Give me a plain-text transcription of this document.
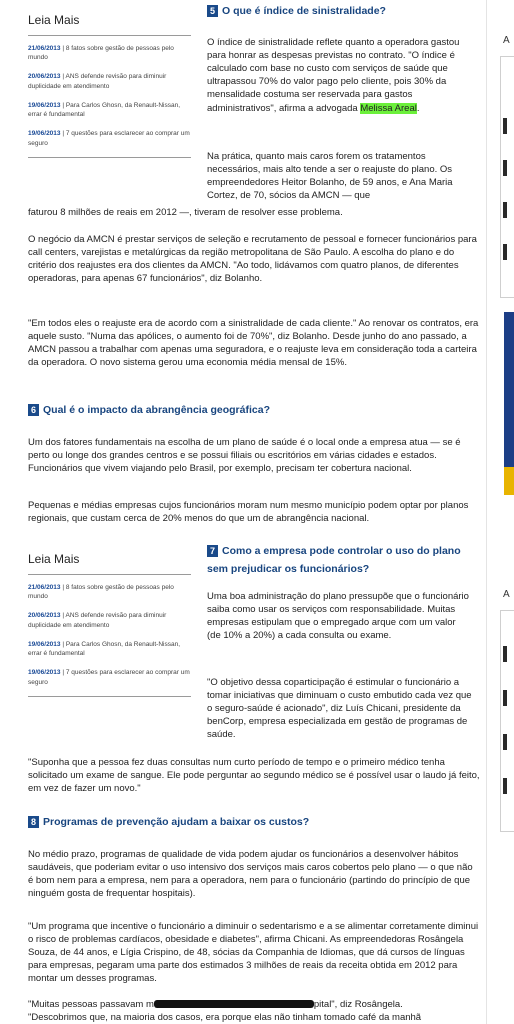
A
A
Leia Mais
21/06/2013 | 8 fatos sobre gestão de pessoas pelo mundo
20/06/2013 | ANS defende revisão para diminuir duplicidade em atendimento
19/06/2013 | Para Carlos Ghosn, da Renault-Nissan, errar é fundamental
19/06/2013 | 7 questões para esclarecer ao comprar um seguro
5 O que é índice de sinistralidade?

O índice de sinistralidade reflete quanto a operadora gastou para honrar as despesas previstas no contrato. "O índice é calculado com base no custo com serviços de saúde que ultrapassou 70% do valor pago pelo cliente, pois 30% da mensalidade costuma ser reservada para gastos administrativos", afirma a advogada Melissa Areal.

Na prática, quanto mais caros forem os tratamentos necessários, mais alto tende a ser o reajuste do plano. Os empreendedores Heitor Bolanho, de 59 anos, e Ana Maria Cortez, de 70, sócios da AMCN — que

faturou 8 milhões de reais em 2012 —, tiveram de resolver esse problema.

O negócio da AMCN é prestar serviços de seleção e recrutamento de pessoal e fornecer funcionários para call centers, varejistas e metalúrgicas da região metropolitana de São Paulo. A escolha do plano e do critério dos reajustes era dos clientes da AMCN. "Ao todo, lidávamos com quatro planos, de diferentes operadoras, para apenas 67 funcionários", diz Bolanho.

"Em todos eles o reajuste era de acordo com a sinistralidade de cada cliente." Ao renovar os contratos, era aquele susto. "Numa das apólices, o aumento foi de 70%", diz Bolanho. Desde junho do ano passado, a AMCN passou a trabalhar com apenas uma seguradora, e o reajuste leva em consideração toda a carteira da operadora. O novo sistema gerou uma economia média mensal de 15%.

6 Qual é o impacto da abrangência geográfica?

Um dos fatores fundamentais na escolha de um plano de saúde é o local onde a empresa atua — se é perto ou longe dos grandes centros e se possui filiais ou escritórios em várias cidades e estados. Funcionários que vivem viajando pelo Brasil, por exemplo, precisam ter cobertura nacional.

Pequenas e médias empresas cujos funcionários moram num mesmo município podem optar por planos regionais, que custam cerca de 20% menos do que um de abrangência nacional.

Leia Mais
21/06/2013 | 8 fatos sobre gestão de pessoas pelo mundo
20/06/2013 | ANS defende revisão para diminuir duplicidade em atendimento
19/06/2013 | Para Carlos Ghosn, da Renault-Nissan, errar é fundamental
19/06/2013 | 7 questões para esclarecer ao comprar um seguro
7 Como a empresa pode controlar o uso do plano sem prejudicar os funcionários?

Uma boa administração do plano pressupõe que o funcionário saiba como usar os serviços com responsabilidade. Muitas empresas estipulam que o empregado arque com um valor (de 10% a 20%) a cada consulta ou exame.

"O objetivo dessa coparticipação é estimular o funcionário a tomar iniciativas que diminuam o custo embutido cada vez que o seguro-saúde é acionado", diz Luís Chicani, presidente da benCorp, empresa especializada em gestão de programas de saúde.

"Suponha que a pessoa fez duas consultas num curto período de tempo e o primeiro médico tenha solicitado um exame de sangue. Ele pode perguntar ao segundo médico se é possível usar o laudo já feito, em vez de fazer um novo."

8 Programas de prevenção ajudam a baixar os custos?

No médio prazo, programas de qualidade de vida podem ajudar os funcionários a desenvolver hábitos saudáveis, que poderiam evitar o uso intensivo dos serviços mais caros cobertos pelo plano — o que não é bom nem para a empresa, nem para a operadora, nem para o funcionário (partindo do princípio de que ninguém gosta de frequentar hospitais).

"Um programa que incentive o funcionário a diminuir o sedentarismo e a se alimentar corretamente diminui o risco de problemas cardíacos, obesidade e diabetes", afirma Chicani. As empreendedoras Rosângela Souza, de 44 anos, e Lígia Crispino, de 48, sócias da Companhia de Idiomas, que dá cursos de línguas para empresas, pegaram uma parte dos estimados 3 milhões de reais da receita obtida em 2012 para montar um desses programas.

"Muitas pessoas passavam m	pital", diz Rosângela.

"Descobrimos que, na maioria dos casos, era porque elas não tinham tomado café da manhã
